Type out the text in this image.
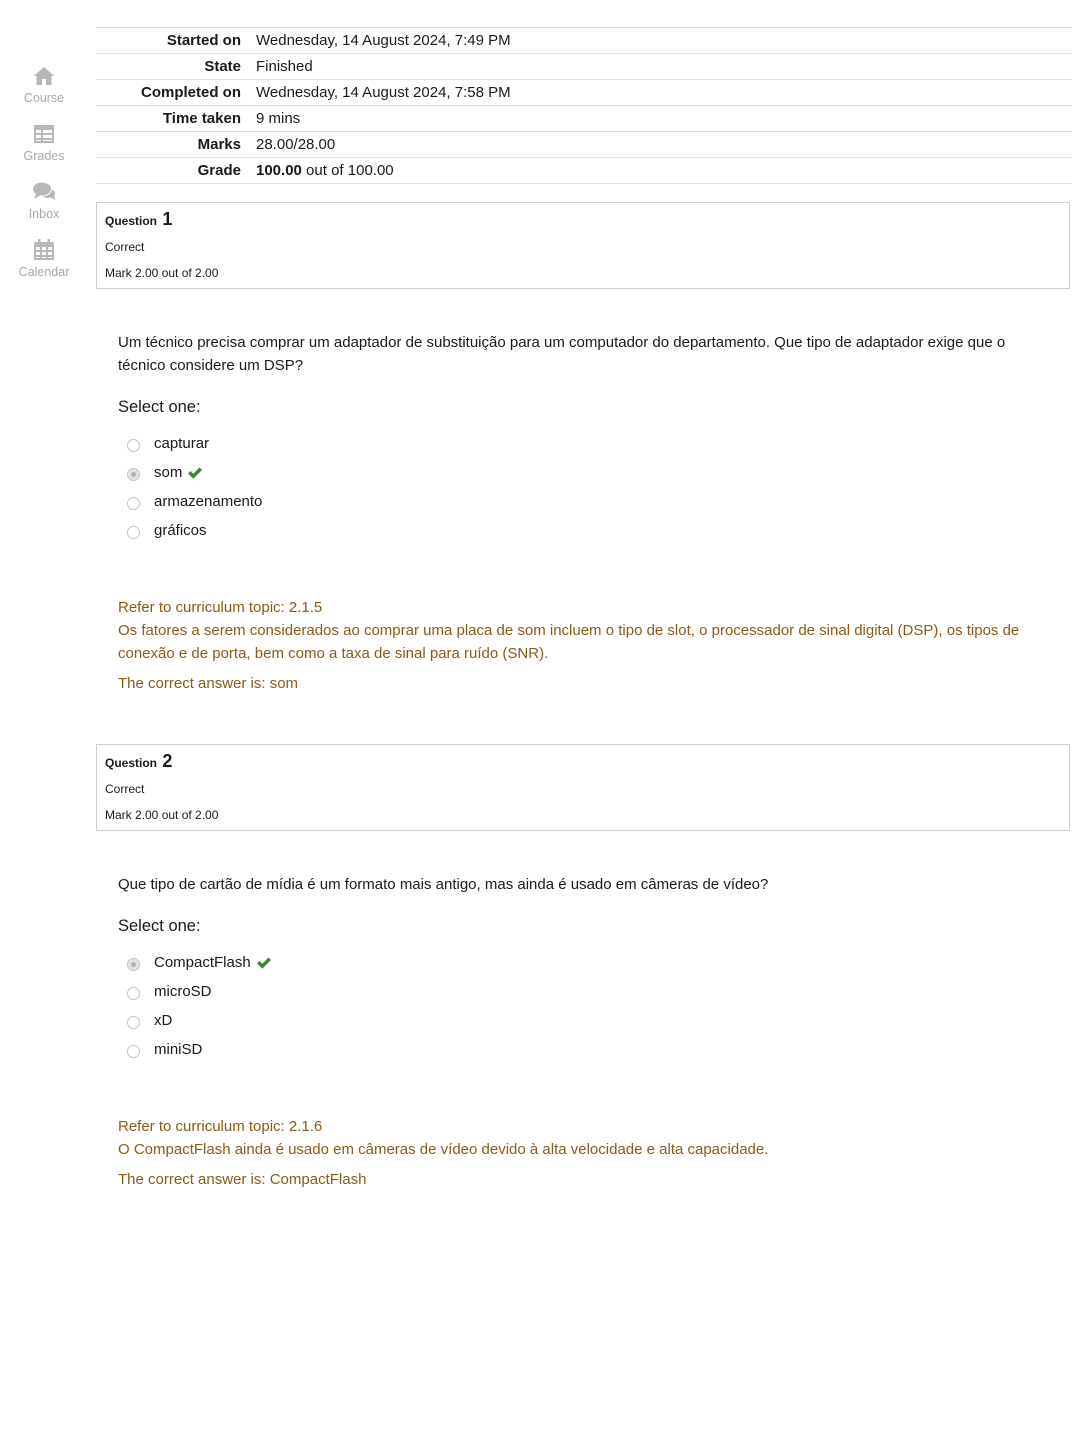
Course
Grades
Inbox
Calendar
Started on	Wednesday, 14 August 2024, 7:49 PM
State	Finished
Completed on	Wednesday, 14 August 2024, 7:58 PM
Time taken	9 mins
Marks	28.00/28.00
Grade	100.00 out of 100.00
Question 1
Correct
Mark 2.00 out of 2.00
Um técnico precisa comprar um adaptador de substituição para um computador do departamento. Que tipo de adaptador exige que o técnico considere um DSP?
Select one:
capturar
som
armazenamento
gráficos

Refer to curriculum topic: 2.1.5

Os fatores a serem considerados ao comprar uma placa de som incluem o tipo de slot, o processador de sinal digital (DSP), os tipos de conexão e de porta, bem como a taxa de sinal para ruído (SNR).

The correct answer is: som

Question 2
Correct
Mark 2.00 out of 2.00
Que tipo de cartão de mídia é um formato mais antigo, mas ainda é usado em câmeras de vídeo?
Select one:
CompactFlash
microSD
xD
miniSD

Refer to curriculum topic: 2.1.6

O CompactFlash ainda é usado em câmeras de vídeo devido à alta velocidade e alta capacidade.

The correct answer is: CompactFlash
